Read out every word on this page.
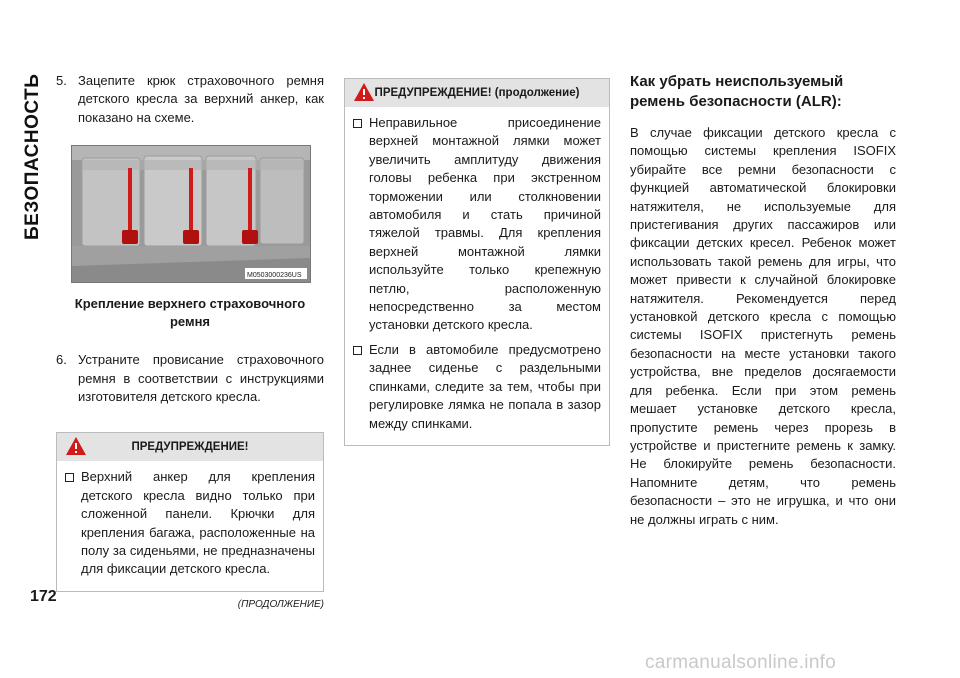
БЕЗОПАСНОСТЬ 5. Зацепите крюк страховочного ремня детского кресла за верхний анкер, как показано на схеме.
M0503000236US
Крепление верхнего страховочного ремня
6. Устраните провисание страховочного ремня в соответствии с инструкциями изготовителя детского кресла.
ПРЕДУПРЕЖДЕНИЕ!
Верхний анкер для крепления детского кресла видно только при сложенной панели. Крючки для крепления багажа, расположенные на полу за сиденьями, не предназначены для фиксации детского кресла.
(ПРОДОЛЖЕНИЕ)
ПРЕДУПРЕЖДЕНИЕ! (продолжение)
Неправильное присоединение верхней монтажной лямки может увеличить амплитуду движения головы ребенка при экстренном торможении или столкновении автомобиля и стать причиной тяжелой травмы. Для крепления верхней монтажной лямки используйте только крепежную петлю, расположенную непосредственно за местом установки детского кресла.
Если в автомобиле предусмотрено заднее сиденье с раздельными спинками, следите за тем, чтобы при регулировке лямка не попала в зазор между спинками.
Как убрать неиспользуемый ремень безопасности (ALR):
В случае фиксации детского кресла с помощью системы крепления ISOFIX убирайте все ремни безопасности с функцией автоматической блокировки натяжителя, не используемые для пристегивания других пассажиров или фиксации детских кресел. Ребенок может использовать такой ремень для игры, что может привести к случайной блокировке натяжителя. Рекомендуется перед установкой детского кресла с помощью системы ISOFIX пристегнуть ремень безопасности на месте установки такого устройства, вне пределов досягаемости для ребенка. Если при этом ремень мешает установке детского кресла, пропустите ремень через прорезь в устройстве и пристегните ремень к замку. Не блокируйте ремень безопасности. Напомните детям, что ремень безопасности – это не игрушка, и что они не должны играть с ним.
172
carmanualsonline.info
